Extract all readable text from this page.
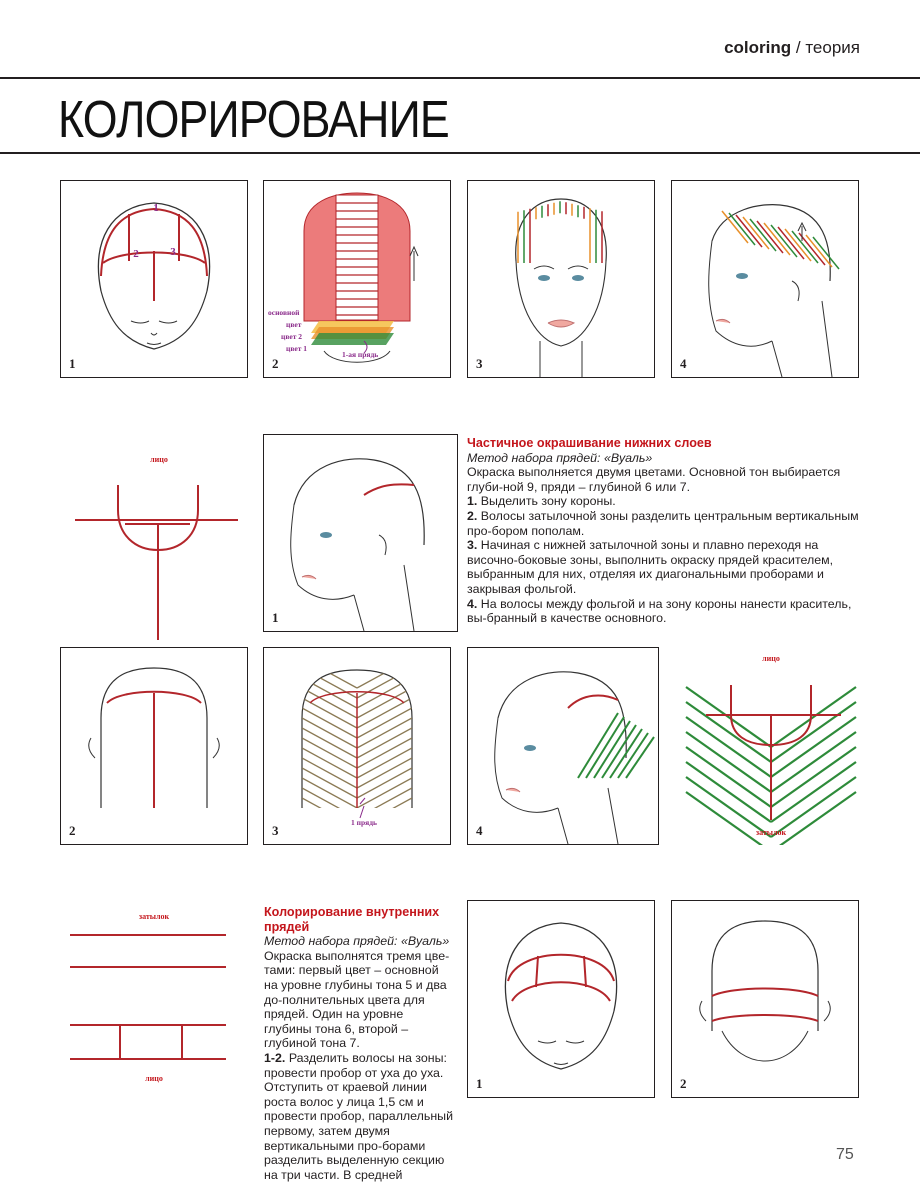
coloring / теория
КОЛОРИРОВАНИЕ
1
2	3
1
основной
цвет
цвет 2
цвет 1
1-ая прядь
2	3	4
лицо
1
Частичное окрашивание нижних слоев
Метод набора прядей: «Вуаль»
Окраска выполняется двумя цветами. Основной тон выбирается глуби-ной 9, пряди – глубиной 6 или 7.
1. Выделить зону короны.
2. Волосы затылочной зоны разделить центральным вертикальным про-бором пополам.
3. Начиная с нижней затылочной зоны и плавно переходя на височно-боковые зоны, выполнить окраску прядей красителем, выбранным для них, отделяя их диагональными проборами и закрывая фольгой.
4. На волосы между фольгой и на зону короны нанести краситель, вы-бранный в качестве основного.
2
1 прядь
3	4
лицо
затылок
затылок
лицо
Колорирование внутренних прядей
Метод набора прядей: «Вуаль»
Окраска выполнятся тремя цве-тами: первый цвет – основной на уровне глубины тона 5 и два до-полнительных цвета для прядей. Один на уровне глубины тона 6, второй – глубиной тона 7.
1-2. Разделить волосы на зоны: провести пробор от уха до уха. Отступить от краевой линии роста волос у лица 1,5 см и провести пробор, параллельный первому, затем двумя вертикальными про-борами разделить выделенную секцию на три части. В средней
1	2
75
